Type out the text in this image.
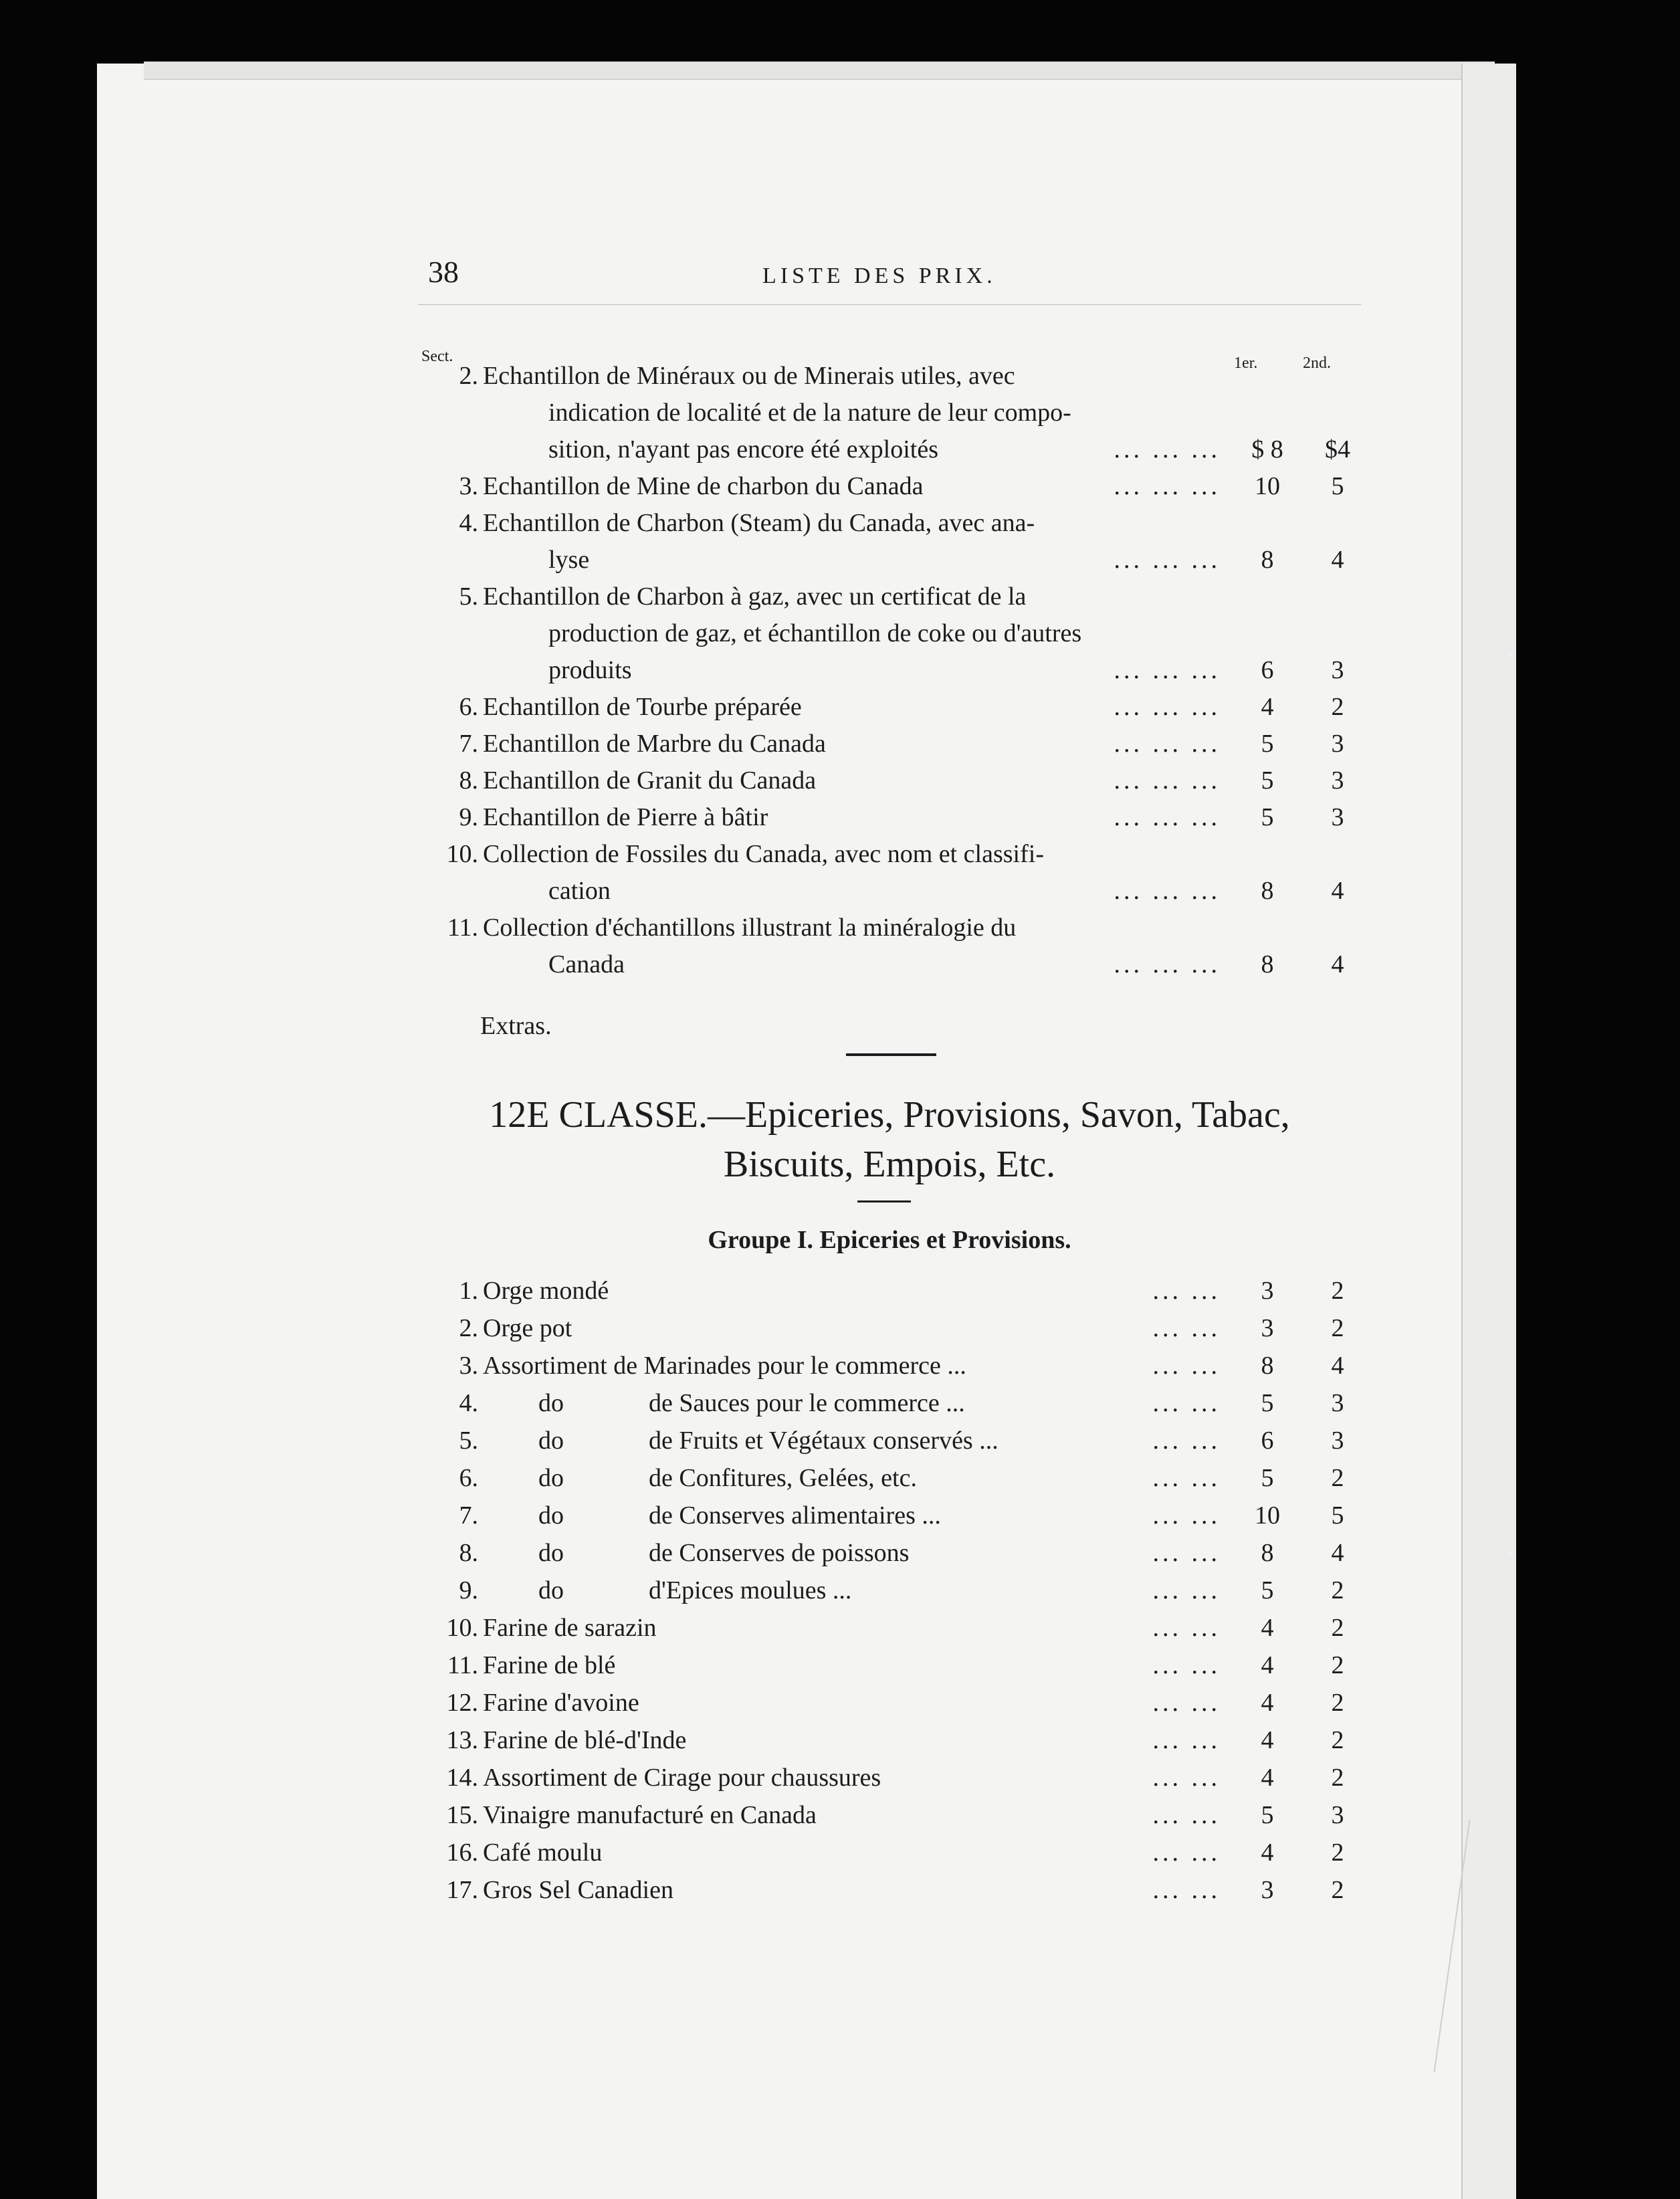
38	LISTE DES PRIX.
Sect.	1er.	2nd.
2. Echantillon de Minéraux ou de Minerais utiles, avec
indication de localité et de la nature de leur compo-
sition, n'ayant pas encore été exploités	... ... ...	$ 8	$4
3. Echantillon de Mine de charbon du Canada	... ... ...	10	5
4. Echantillon de Charbon (Steam) du Canada, avec ana-
lyse	... ... ...	8	4
5. Echantillon de Charbon à gaz, avec un certificat de la
production de gaz, et échantillon de coke ou d'autres
produits	... ... ...	6	3
6. Echantillon de Tourbe préparée	... ... ...	4	2
7. Echantillon de Marbre du Canada	... ... ...	5	3
8. Echantillon de Granit du Canada	... ... ...	5	3
9. Echantillon de Pierre à bâtir	... ... ...	5	3
10. Collection de Fossiles du Canada, avec nom et classifi-
cation	... ... ...	8	4
11. Collection d'échantillons illustrant la minéralogie du
Canada	... ... ...	8	4
Extras.
12E CLASSE.—Epiceries, Provisions, Savon, Tabac,
Biscuits, Empois, Etc.
Groupe I. Epiceries et Provisions.
1. Orge mondé	... ...	3	2
2. Orge pot	... ...	3	2
3. Assortiment de Marinades pour le commerce ...	... ...	8	4
4. do	de Sauces pour le commerce ...	... ...	5	3
5. do	de Fruits et Végétaux conservés ...	... ...	6	3
6. do	de Confitures, Gelées, etc.	... ...	5	2
7. do	de Conserves alimentaires ...	... ...	10	5
8. do	de Conserves de poissons	... ...	8	4
9. do	d'Epices moulues ...	... ...	5	2
10. Farine de sarazin	... ...	4	2
11. Farine de blé	... ...	4	2
12. Farine d'avoine	... ...	4	2
13. Farine de blé-d'Inde	... ...	4	2
14. Assortiment de Cirage pour chaussures	... ...	4	2
15. Vinaigre manufacturé en Canada	... ...	5	3
16. Café moulu	... ...	4	2
17. Gros Sel Canadien	... ...	3	2
